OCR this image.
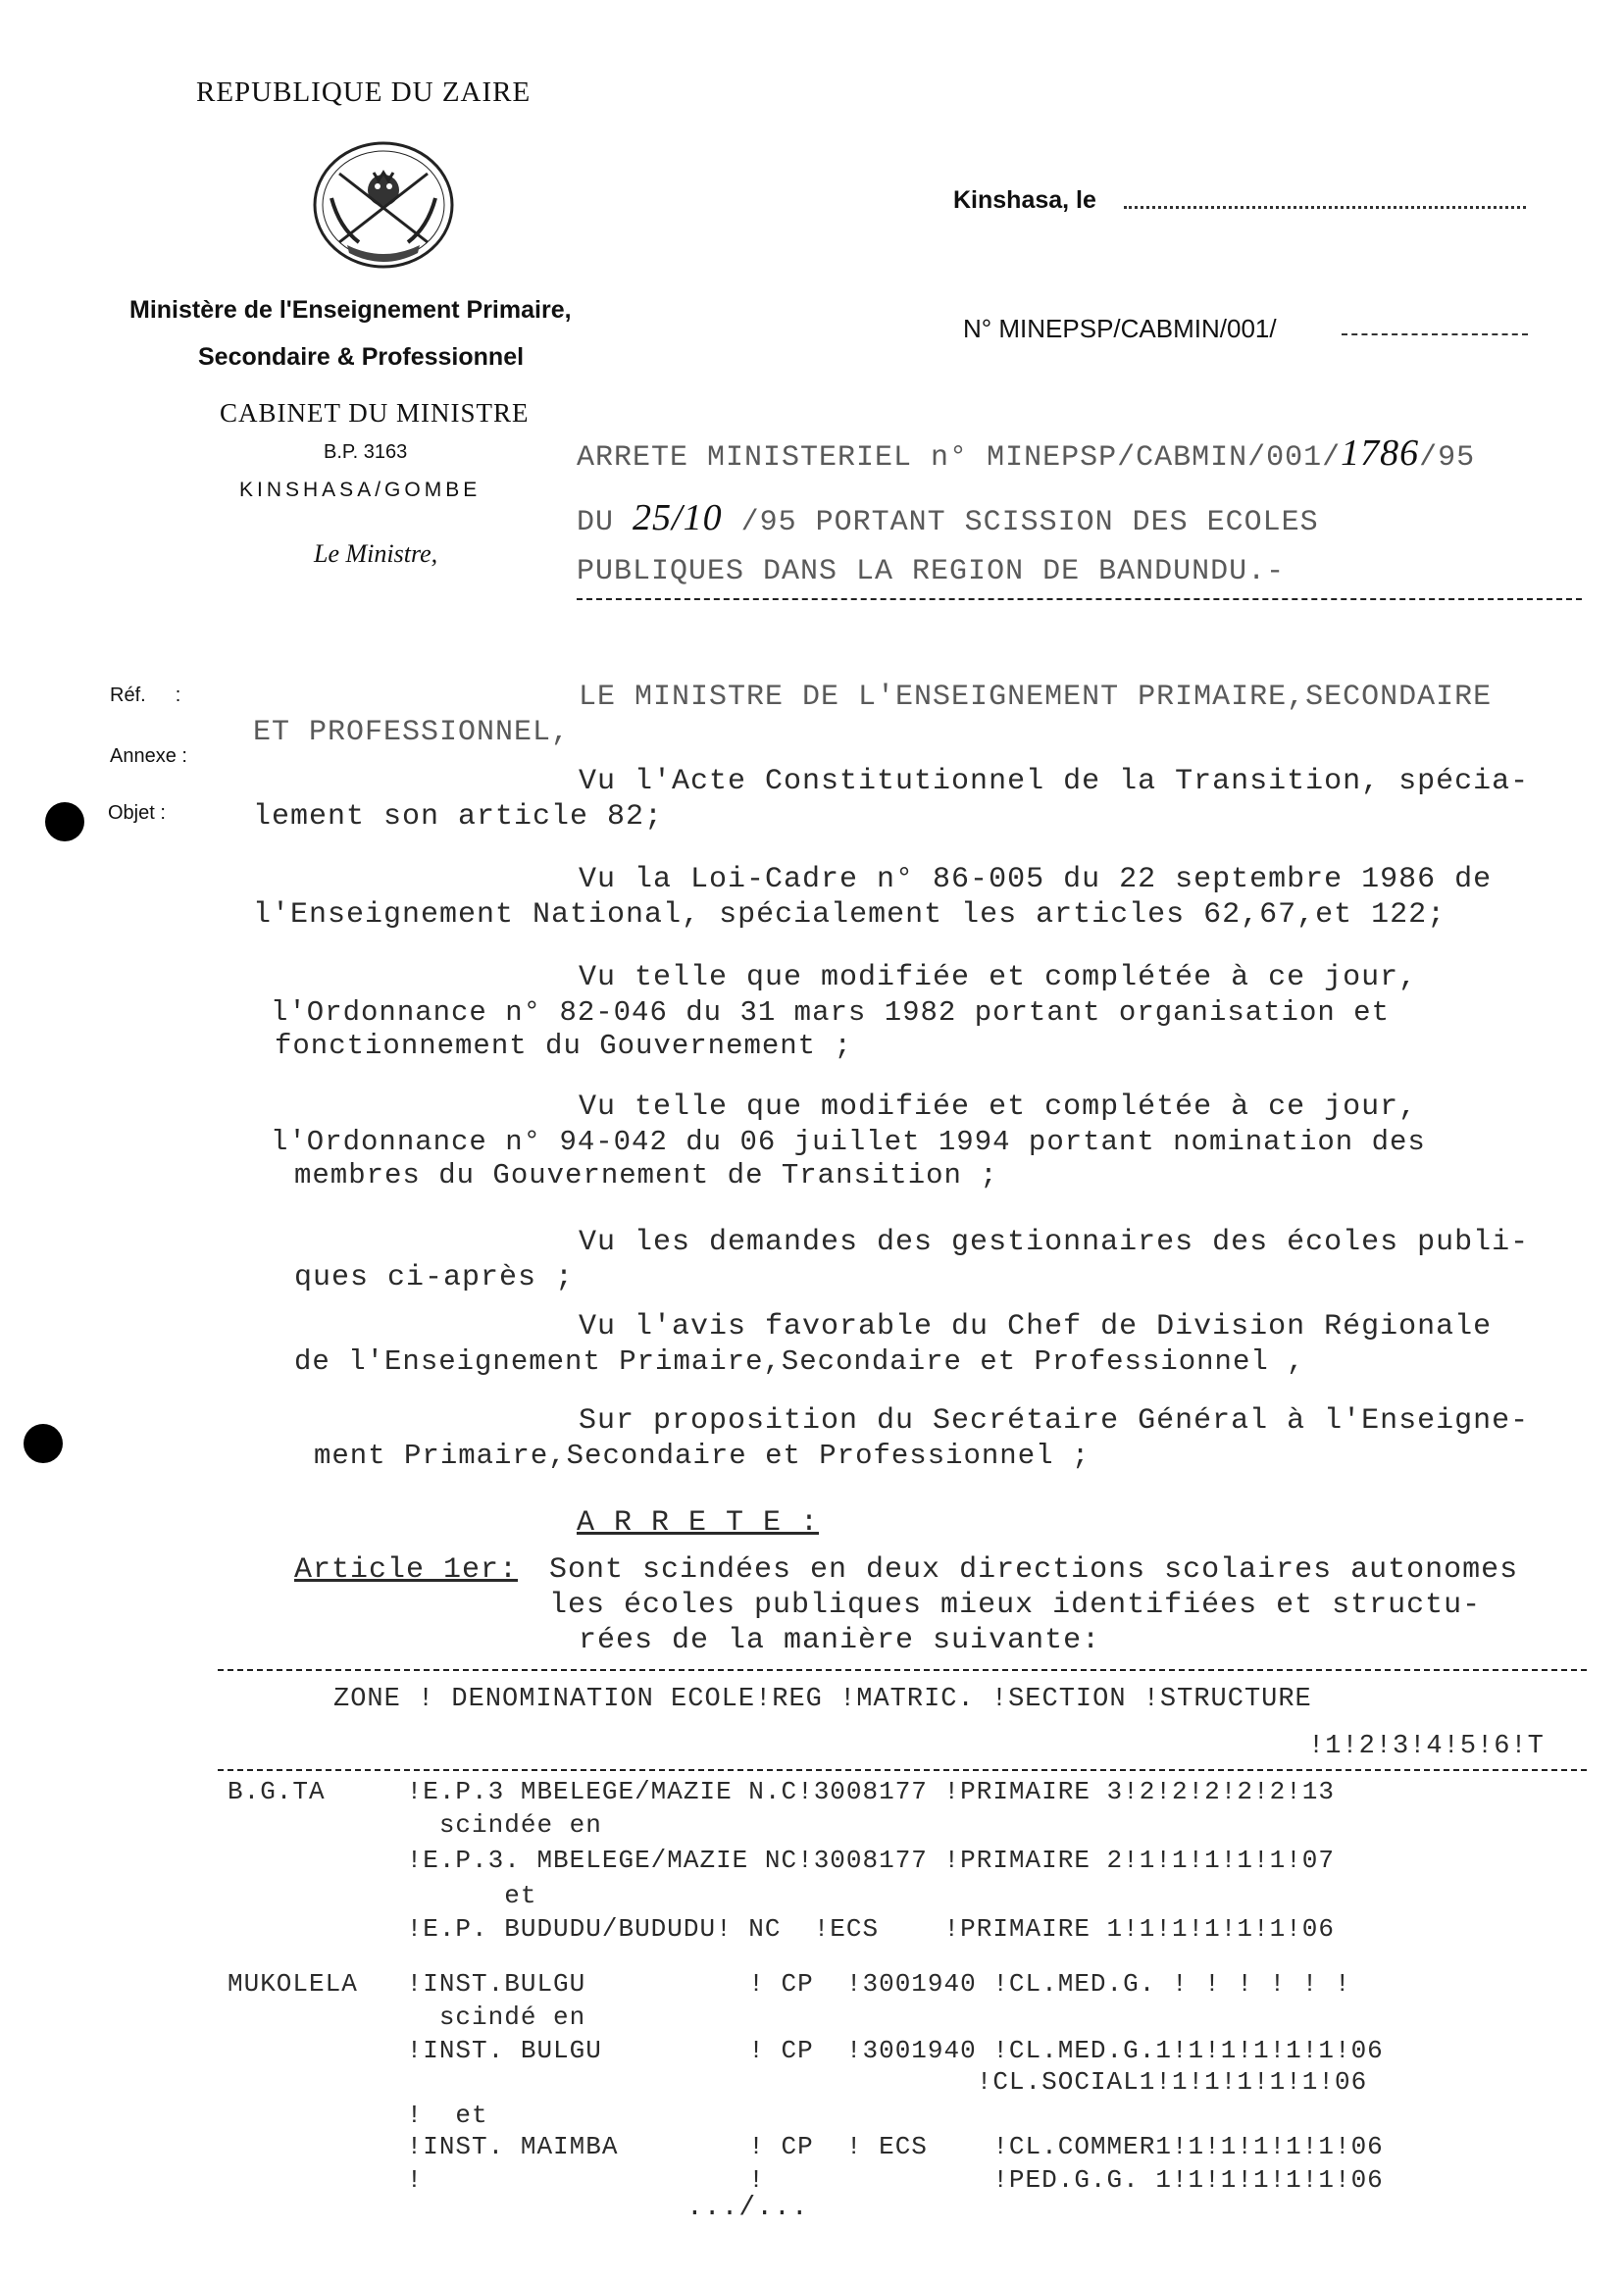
REPUBLIQUE DU ZAIRE
Ministère de l'Enseignement Primaire,
Secondaire & Professionnel
CABINET DU MINISTRE
B.P. 3163
KINSHASA/GOMBE
Le Ministre,
Kinshasa, le
N° MINEPSP/CABMIN/001/
Réf. :
Annexe :
Objet :
ARRETE MINISTERIEL n° MINEPSP/CABMIN/001/1786/95
DU 25/10 /95 PORTANT SCISSION DES ECOLES
PUBLIQUES DANS LA REGION DE BANDUNDU.-
LE MINISTRE DE L'ENSEIGNEMENT PRIMAIRE,SECONDAIRE
ET PROFESSIONNEL,
Vu l'Acte Constitutionnel de la Transition, spécia-
lement son article 82;
Vu la Loi-Cadre n° 86-005 du 22 septembre 1986 de
l'Enseignement National, spécialement les articles 62,67,et 122;
Vu telle que modifiée et complétée à ce jour,
l'Ordonnance n° 82-046 du 31 mars 1982 portant organisation et
fonctionnement du Gouvernement ;
Vu telle que modifiée et complétée à ce jour,
l'Ordonnance n° 94-042 du 06 juillet 1994 portant nomination des
membres du Gouvernement de Transition ;
Vu les demandes des gestionnaires des écoles publi-
ques ci-après ;
Vu l'avis favorable du Chef de Division Régionale
de l'Enseignement Primaire,Secondaire et Professionnel ,
Sur proposition du Secrétaire Général à l'Enseigne-
ment Primaire,Secondaire et Professionnel ;
A R R E T E :
Article 1er: Sont scindées en deux directions scolaires autonomes
les écoles publiques mieux identifiées et structu-
rées de la manière suivante:
ZONE ! DENOMINATION ECOLE!REG !MATRIC. !SECTION !STRUCTURE
!1!2!3!4!5!6!T
B.G.TA     !E.P.3 MBELEGE/MAZIE N.C!3008177 !PRIMAIRE 3!2!2!2!2!2!13
scindée en
!E.P.3. MBELEGE/MAZIE NC!3008177 !PRIMAIRE 2!1!1!1!1!1!07
et
!E.P. BUDUDU/BUDUDU! NC  !ECS    !PRIMAIRE 1!1!1!1!1!1!06
MUKOLELA   !INST.BULGU          ! CP  !3001940 !CL.MED.G. ! ! ! ! ! !
scindé en
!INST. BULGU         ! CP  !3001940 !CL.MED.G.1!1!1!1!1!1!06
!CL.SOCIAL1!1!1!1!1!1!06
!  et
!INST. MAIMBA        ! CP  ! ECS    !CL.COMMER1!1!1!1!1!1!06
!                    !              !PED.G.G. 1!1!1!1!1!1!06
.../...
